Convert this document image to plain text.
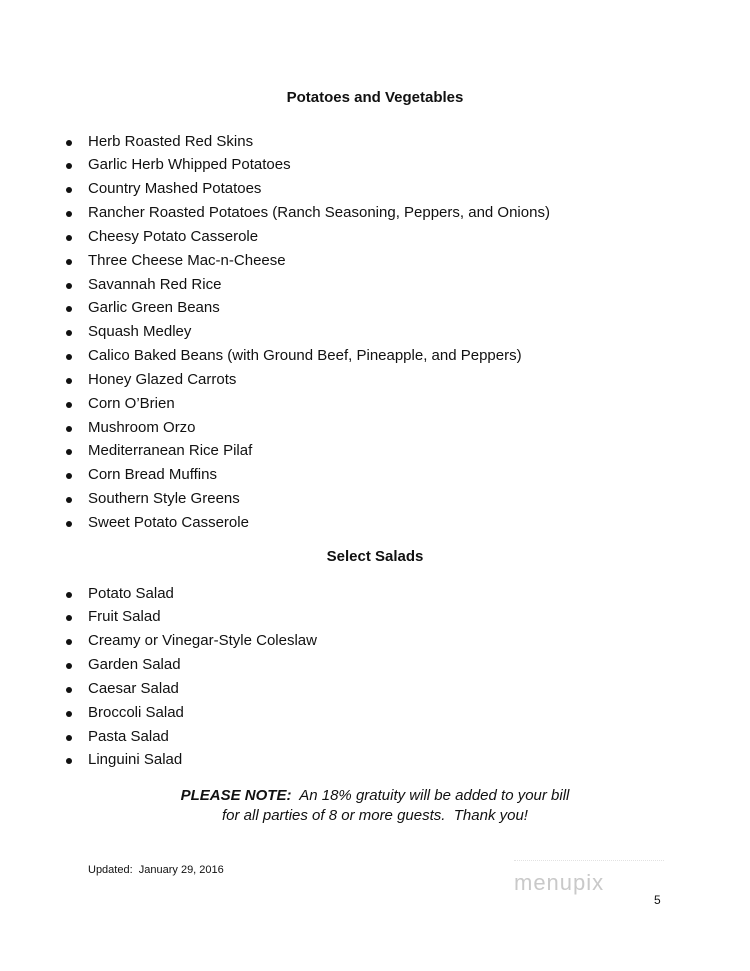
Potatoes and Vegetables
Herb Roasted Red Skins
Garlic Herb Whipped Potatoes
Country Mashed Potatoes
Rancher Roasted Potatoes (Ranch Seasoning, Peppers, and Onions)
Cheesy Potato Casserole
Three Cheese Mac-n-Cheese
Savannah Red Rice
Garlic Green Beans
Squash Medley
Calico Baked Beans (with Ground Beef, Pineapple, and Peppers)
Honey Glazed Carrots
Corn O’Brien
Mushroom Orzo
Mediterranean Rice Pilaf
Corn Bread Muffins
Southern Style Greens
Sweet Potato Casserole
Select Salads
Potato Salad
Fruit Salad
Creamy or Vinegar-Style Coleslaw
Garden Salad
Caesar Salad
Broccoli Salad
Pasta Salad
Linguini Salad
PLEASE NOTE: An 18% gratuity will be added to your bill
for all parties of 8 or more guests.  Thank you!
Updated:  January 29, 2016	menupix
5
